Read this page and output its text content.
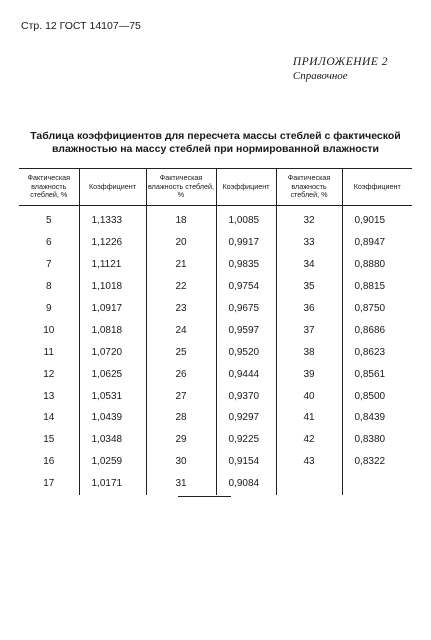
Стр. 12 ГОСТ 14107—75
ПРИЛОЖЕНИЕ 2
Справочное
Таблица коэффициентов для пересчета массы стеблей с фактической
влажностью на массу стеблей при нормированной влажности
Фактическая влажность стеблей, %	Коэффициент	Фактическая влажность стеблей, %	Коэффициент	Фактическая влажность стеблей, %	Коэффициент
5	1,1333	18	1,0085	32	0,9015
6	1,1226	20	0,9917	33	0,8947
7	1,1121	21	0,9835	34	0,8880
8	1,1018	22	0,9754	35	0,8815
9	1,0917	23	0,9675	36	0,8750
10	1,0818	24	0,9597	37	0,8686
11	1,0720	25	0,9520	38	0,8623
12	1,0625	26	0,9444	39	0,8561
13	1,0531	27	0,9370	40	0,8500
14	1,0439	28	0,9297	41	0,8439
15	1,0348	29	0,9225	42	0,8380
16	1,0259	30	0,9154	43	0,8322
17	1,0171	31	0,9084		
